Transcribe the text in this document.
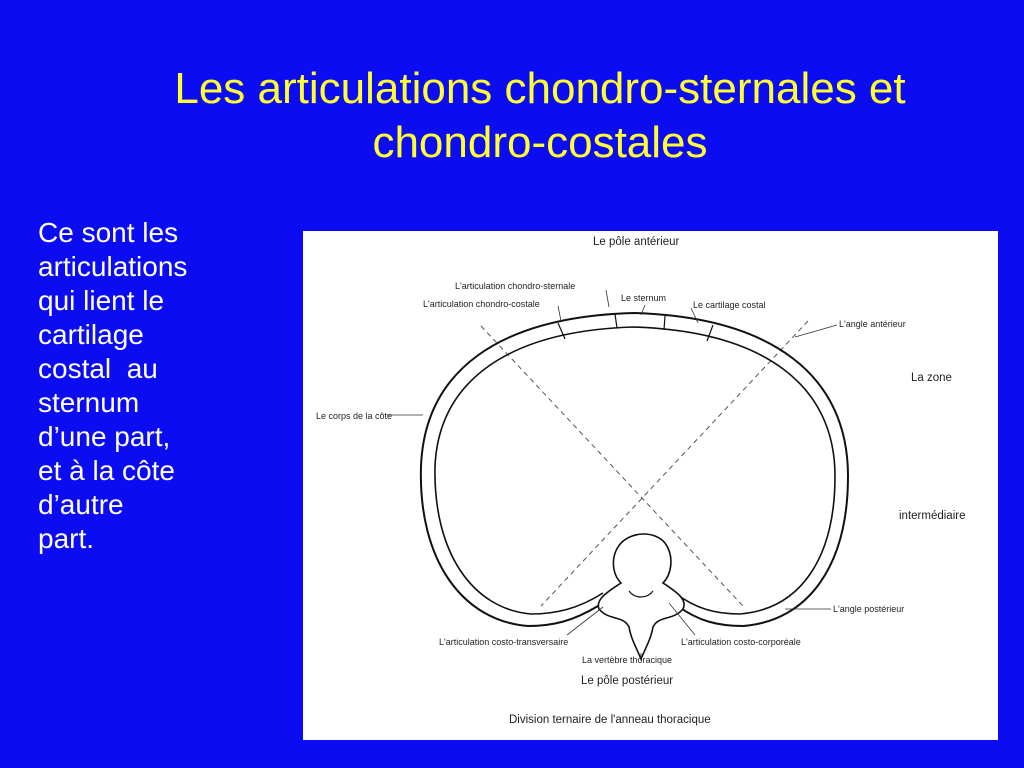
Les articulations chondro-sternales et
chondro-costales

Ce sont les
articulations
qui lient le
cartilage
costal  au
sternum
d’une part,
et à la côte
d’autre
part.

Le pôle antérieur
L'articulation chondro-sternale
L'articulation chondro-costale
Le sternum
Le cartilage costal
L'angle antérieur
La zone
Le corps de la côte
intermédiaire
L'angle postérieur
L'articulation costo-transversaire	L'articulation costo-corporéale
La vertèbre thoracique
Le pôle postérieur
Division ternaire de l'anneau thoracique
